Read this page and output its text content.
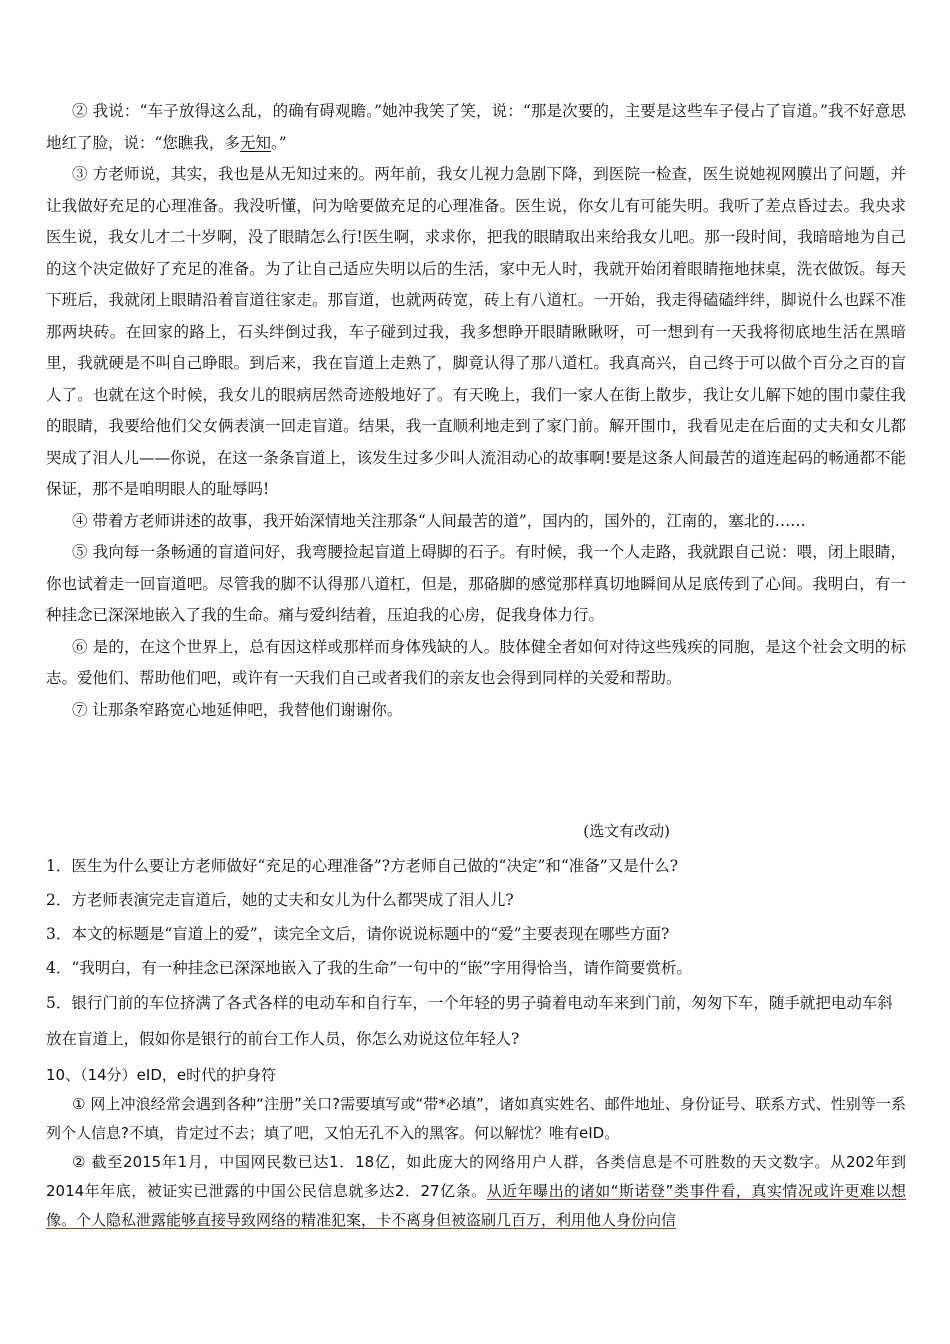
② 我说：“车子放得这么乱，的确有碍观瞻。”她冲我笑了笑，说：“那是次要的，主要是这些车子侵占了盲道。”我不好意思地红了脸，说：“您瞧我，多无知。”

③ 方老师说，其实，我也是从无知过来的。两年前，我女儿视力急剧下降，到医院一检查，医生说她视网膜出了问题，并让我做好充足的心理准备。我没听懂，问为啥要做充足的心理准备。医生说，你女儿有可能失明。我听了差点昏过去。我央求医生说，我女儿才二十岁啊，没了眼睛怎么行!医生啊，求求你，把我的眼睛取出来给我女儿吧。那一段时间，我暗暗地为自己的这个决定做好了充足的准备。为了让自己适应失明以后的生活，家中无人时，我就开始闭着眼睛拖地抹桌，洗衣做饭。每天下班后，我就闭上眼睛沿着盲道往家走。那盲道，也就两砖宽，砖上有八道杠。一开始，我走得磕磕绊绊，脚说什么也踩不准那两块砖。在回家的路上，石头绊倒过我，车子碰到过我，我多想睁开眼睛瞅瞅呀，可一想到有一天我将彻底地生活在黑暗里，我就硬是不叫自己睁眼。到后来，我在盲道上走熟了，脚竟认得了那八道杠。我真高兴，自己终于可以做个百分之百的盲人了。也就在这个时候，我女儿的眼病居然奇迹般地好了。有天晚上，我们一家人在街上散步，我让女儿解下她的围巾蒙住我的眼睛，我要给他们父女俩表演一回走盲道。结果，我一直顺利地走到了家门前。解开围巾，我看见走在后面的丈夫和女儿都哭成了泪人儿——你说，在这一条条盲道上，该发生过多少叫人流泪动心的故事啊!要是这条人间最苦的道连起码的畅通都不能保证，那不是咱明眼人的耻辱吗!

④ 带着方老师讲述的故事，我开始深情地关注那条“人间最苦的道”，国内的，国外的，江南的，塞北的……

⑤ 我向每一条畅通的盲道问好，我弯腰捡起盲道上碍脚的石子。有时候，我一个人走路，我就跟自己说：喂，闭上眼睛，你也试着走一回盲道吧。尽管我的脚不认得那八道杠，但是，那硌脚的感觉那样真切地瞬间从足底传到了心间。我明白，有一种挂念已深深地嵌入了我的生命。痛与爱纠结着，压迫我的心房，促我身体力行。

⑥ 是的，在这个世界上，总有因这样或那样而身体残缺的人。肢体健全者如何对待这些残疾的同胞，是这个社会文明的标志。爱他们、帮助他们吧，或许有一天我们自己或者我们的亲友也会得到同样的关爱和帮助。

⑦ 让那条窄路宽心地延伸吧，我替他们谢谢你。

(选文有改动)

1．医生为什么要让方老师做好“充足的心理准备”?方老师自己做的“决定”和“准备”又是什么?

2．方老师表演完走盲道后，她的丈夫和女儿为什么都哭成了泪人儿?

3．本文的标题是“盲道上的爱”，读完全文后，请你说说标题中的“爱”主要表现在哪些方面?

4．“我明白，有一种挂念已深深地嵌入了我的生命”一句中的“嵌”字用得恰当，请作简要赏析。

5．银行门前的车位挤满了各式各样的电动车和自行车，一个年轻的男子骑着电动车来到门前，匆匆下车，随手就把电动车斜放在盲道上，假如你是银行的前台工作人员，你怎么劝说这位年轻人?

10、（14分）eID，e时代的护身符

① 网上冲浪经常会遇到各种“注册”关口?需要填写或“带*必填”，诸如真实姓名、邮件地址、身份证号、联系方式、性别等一系列个人信息?不填，肯定过不去；填了吧，又怕无孔不入的黑客。何以解忧？唯有eID。

② 截至2015年1月，中国网民数已达1．18亿，如此庞大的网络用户人群，各类信息是不可胜数的天文数字。从202年到2014年年底，被证实已泄露的中国公民信息就多达2．27亿条。从近年曝出的诸如“斯诺登”类事件看，真实情况或许更难以想像。个人隐私泄露能够直接导致网络的精准犯案，卡不离身但被盗刷几百万，利用他人身份向信
